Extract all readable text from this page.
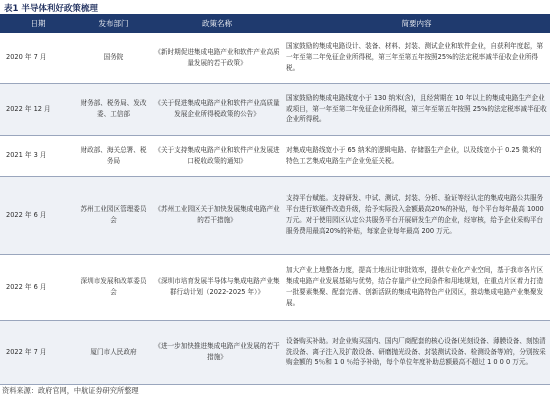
表1 半导体利好政策梳理
日期	发布部门	政策名称	简要内容
2020 年 7 月	国务院	《新时期促进集成电路产业和软件产业高质量发展的若干政策》	国家鼓励的集成电路设计、装备、材料、封装、测试企业和软件企业，自获利年度起，第一年至第二年免征企业所得税，第三年至第五年按照25%的法定税率减半征收企业所得税。
2022 年 12 月	财务部、税务局、发改委、工信部	《关于促进集成电路产业和软件产业高质量发展企业所得税政策的公告》	国家鼓励的集成电路线宽小于 130 纳米(含)，且经营期在 10 年以上的集成电路生产企业或项目，第一年至第二年免征企业所得税，第三年至第五年按照 25%的法定税率减半征收企业所得税。
2021 年 3 月	财政部、海关总署、税务局	《关于支持集成电路产业和软件产业发展进口税收政策的通知》	对集成电路线宽小于 65 纳米的逻辑电路、存储器生产企业，以及线宽小于 0.25 微米的特色工艺集成电路生产企业免征关税。
2022 年 6 月	苏州工业园区管理委员会	《苏州工业园区关于加快发展集成电路产业的若干措施》	支持平台赋能。支持研发、中试、测试、封装、分析、验证等经认定的集成电路公共服务平台进行软硬件改造升级，给予实际投入金额最高20%的补贴，每个平台每年最高 1000 万元。对于使用园区认定公共服务平台开展研发生产的企业，经审核，给予企业采购平台服务费用最高20%的补贴，每家企业每年最高 200 万元。
2022 年 6 月	深圳市发展和改革委员会	《深圳市培育发展半导体与集成电路产业集群行动计划（2022-2025 年）》	加大产业上地整备力度，提高土地出让审批效率，提供专业化产业空间，基于我市各片区集成电路产业发展基础与优势，结合存量产业空间条件和用地规划，在重点片区着力打造一批要素集聚、配套完善、创新活跃的集成电路特色产业园区，推动集成电路产业集聚发展。
2022 年 7 月	厦门市人民政府	《进一步加快推进集成电路产业发展的若干措施》	设备购买补助。对企业购买国内、国内厂商配套的核心设备(光刻设备、薄膜设备、刻蚀清洗设备、离子注入及扩散设备、研磨抛光设备、封装测试设备、检测设备等)的，分别按采购金额的 5％和 1 0 ％给予补助，每个单位年度补助总额最高不超过 1 0 0 0 万元。
资料来源：政府官网，中航证券研究所整理
